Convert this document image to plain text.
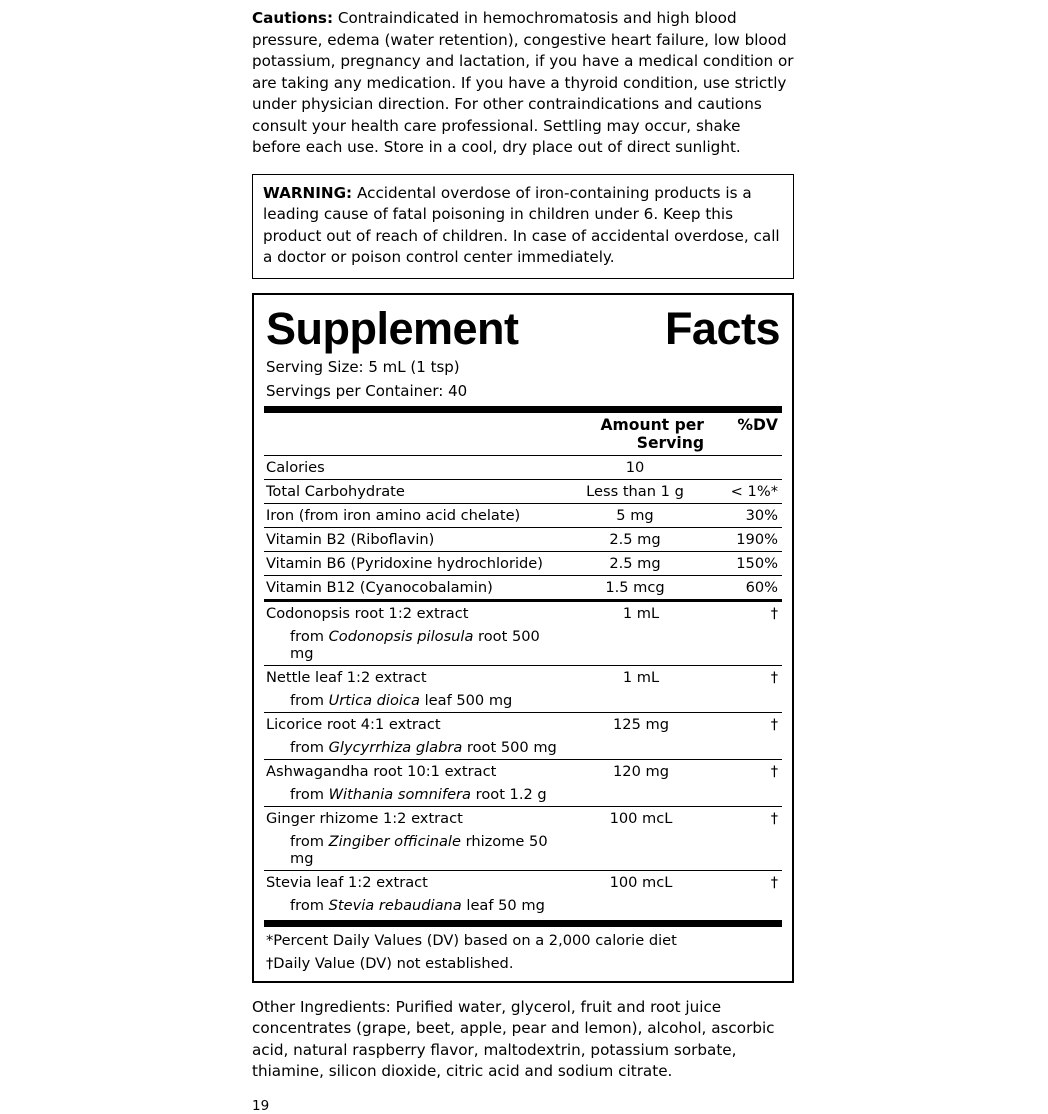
Cautions: Contraindicated in hemochromatosis and high blood pressure, edema (water retention), congestive heart failure, low blood potassium, pregnancy and lactation, if you have a medical condition or are taking any medication. If you have a thyroid condition, use strictly under physician direction. For other contraindications and cautions consult your health care professional. Settling may occur, shake before each use. Store in a cool, dry place out of direct sunlight.

WARNING: Accidental overdose of iron-containing products is a leading cause of fatal poisoning in children under 6. Keep this product out of reach of children. In case of accidental overdose, call a doctor or poison control center immediately.
Supplement	Facts
Serving Size: 5 mL (1 tsp)
Servings per Container: 40
	Amount per Serving	%DV
Calories	10	
Total Carbohydrate	Less than 1 g	< 1%*
Iron (from iron amino acid chelate)	5 mg	30%
Vitamin B2 (Riboflavin)	2.5 mg	190%
Vitamin B6 (Pyridoxine hydrochloride)	2.5 mg	150%
Vitamin B12 (Cyanocobalamin)	1.5 mcg	60%
Codonopsis root 1:2 extract	1 mL	†
from Codonopsis pilosula root 500 mg		
Nettle leaf 1:2 extract	1 mL	†
from Urtica dioica leaf 500 mg		
Licorice root 4:1 extract	125 mg	†
from Glycyrrhiza glabra root 500 mg		
Ashwagandha root 10:1 extract	120 mg	†
from Withania somnifera root 1.2 g		
Ginger rhizome 1:2 extract	100 mcL	†
from Zingiber officinale rhizome 50 mg		
Stevia leaf 1:2 extract	100 mcL	†
from Stevia rebaudiana leaf 50 mg		
*Percent Daily Values (DV) based on a 2,000 calorie diet
†Daily Value (DV) not established.

Other Ingredients: Purified water, glycerol, fruit and root juice concentrates (grape, beet, apple, pear and lemon), alcohol, ascorbic acid, natural raspberry flavor, maltodextrin, potassium sorbate, thiamine, silicon dioxide, citric acid and sodium citrate.

19
